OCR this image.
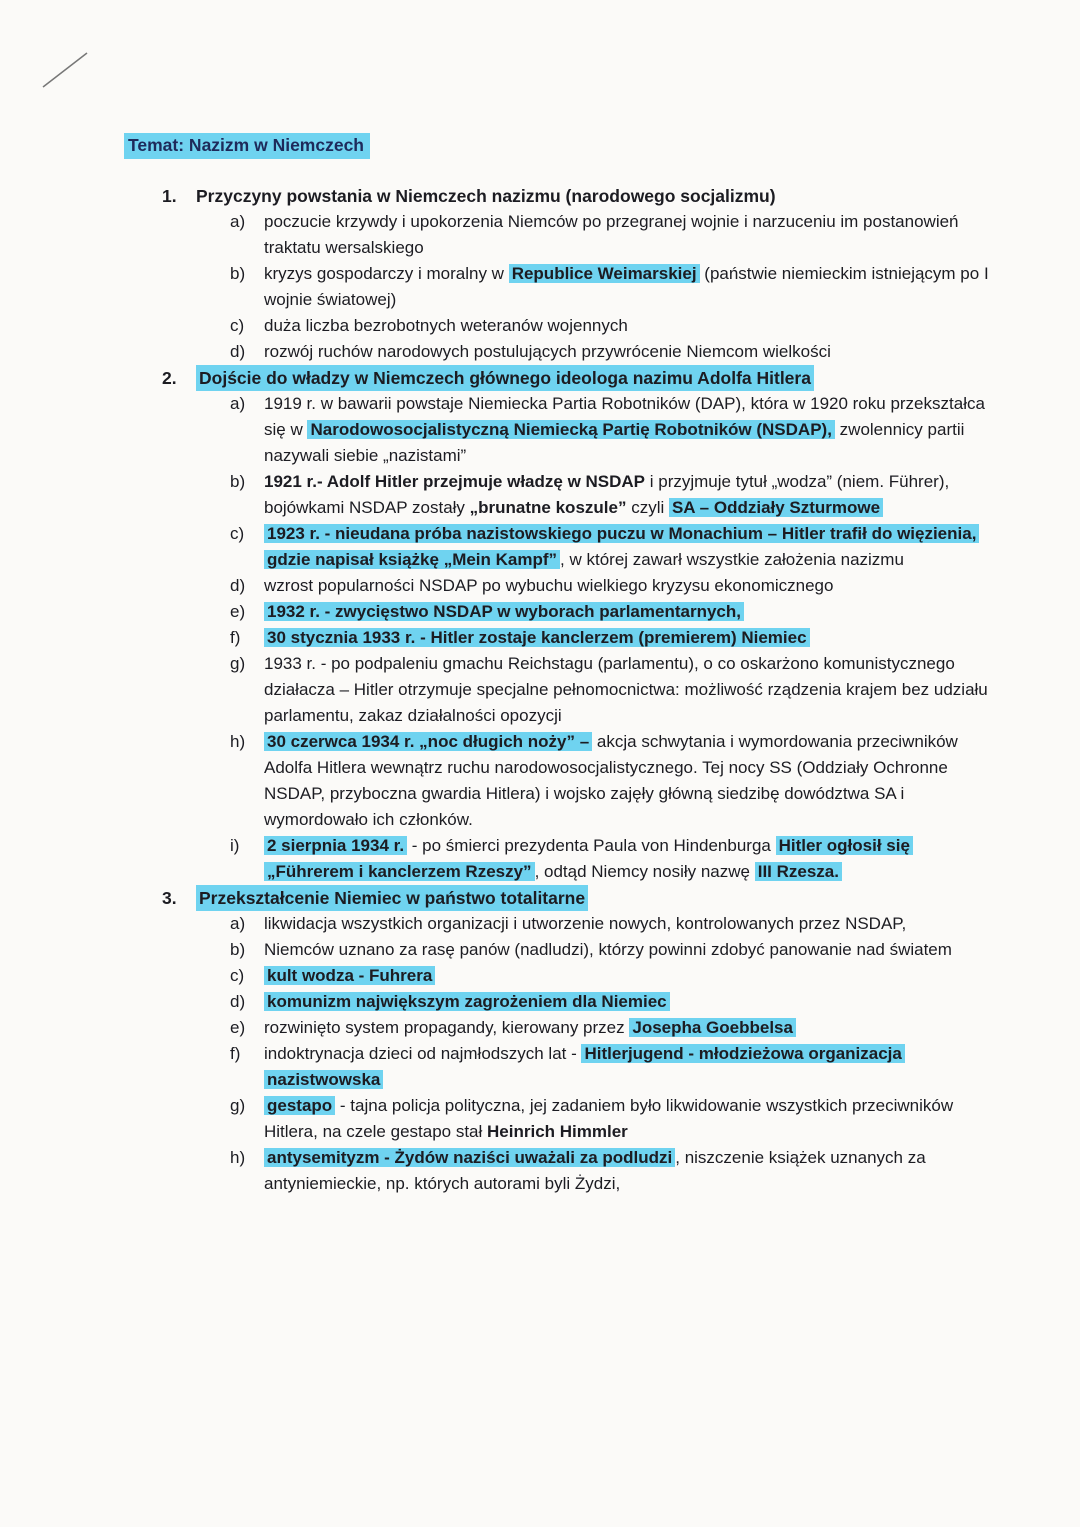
Temat: Nazizm w Niemczech
1.	Przyczyny powstania w Niemczech nazizmu (narodowego socjalizmu)
a)	poczucie krzywdy i upokorzenia Niemców po przegranej wojnie i narzuceniu im postanowień traktatu wersalskiego
b)	kryzys gospodarczy i moralny w Republice Weimarskiej (państwie niemieckim istniejącym po I wojnie światowej)
c)	duża liczba bezrobotnych weteranów wojennych
d)	rozwój ruchów narodowych postulujących przywrócenie Niemcom wielkości
2.	Dojście do władzy w Niemczech głównego ideologa nazimu Adolfa Hitlera
a)	1919 r. w bawarii powstaje Niemiecka Partia Robotników (DAP), która w 1920 roku przekształca się w Narodowosocjalistyczną Niemiecką Partię Robotników (NSDAP), zwolennicy partii nazywali siebie „nazistami”
b)	1921 r.- Adolf Hitler przejmuje władzę w NSDAP i przyjmuje tytuł „wodza” (niem. Führer), bojówkami NSDAP zostały „brunatne koszule” czyli SA – Oddziały Szturmowe
c)	1923 r. - nieudana próba nazistowskiego puczu w Monachium – Hitler trafił do więzienia, gdzie napisał książkę „Mein Kampf” , w której zawarł wszystkie założenia nazizmu
d)	wzrost popularności NSDAP po wybuchu wielkiego kryzysu ekonomicznego
e)	1932 r. - zwycięstwo NSDAP w wyborach parlamentarnych,
f)	30 stycznia 1933 r. - Hitler zostaje kanclerzem (premierem) Niemiec
g)	1933 r. - po podpaleniu gmachu Reichstagu (parlamentu), o co oskarżono komunistycznego działacza – Hitler otrzymuje specjalne pełnomocnictwa: możliwość rządzenia krajem bez udziału parlamentu, zakaz działalności opozycji
h)	30 czerwca 1934 r. „noc długich noży” – akcja schwytania i wymordowania przeciwników Adolfa Hitlera wewnątrz ruchu narodowosocjalistycznego. Tej nocy SS (Oddziały Ochronne NSDAP, przyboczna gwardia Hitlera) i wojsko zajęły główną siedzibę dowództwa SA i wymordowało ich członków.
i)	2 sierpnia 1934 r. - po śmierci prezydenta Paula von Hindenburga Hitler ogłosił się „Führerem i kanclerzem Rzeszy” , odtąd Niemcy nosiły nazwę III Rzesza.
3.	Przekształcenie Niemiec w państwo totalitarne
a)	likwidacja wszystkich organizacji i utworzenie nowych, kontrolowanych przez NSDAP,
b)	Niemców uznano za rasę panów (nadludzi), którzy powinni zdobyć panowanie nad światem
c)	kult wodza - Fuhrera
d)	komunizm największym zagrożeniem dla Niemiec
e)	rozwinięto system propagandy, kierowany przez Josepha Goebbelsa
f)	indoktrynacja dzieci od najmłodszych lat - Hitlerjugend - młodzieżowa organizacja nazistwowska
g)	gestapo - tajna policja polityczna, jej zadaniem było likwidowanie wszystkich przeciwników Hitlera, na czele gestapo stał Heinrich Himmler
h)	antysemityzm - Żydów naziści uważali za podludzi , niszczenie książek uznanych za antyniemieckie, np. których autorami byli Żydzi,
